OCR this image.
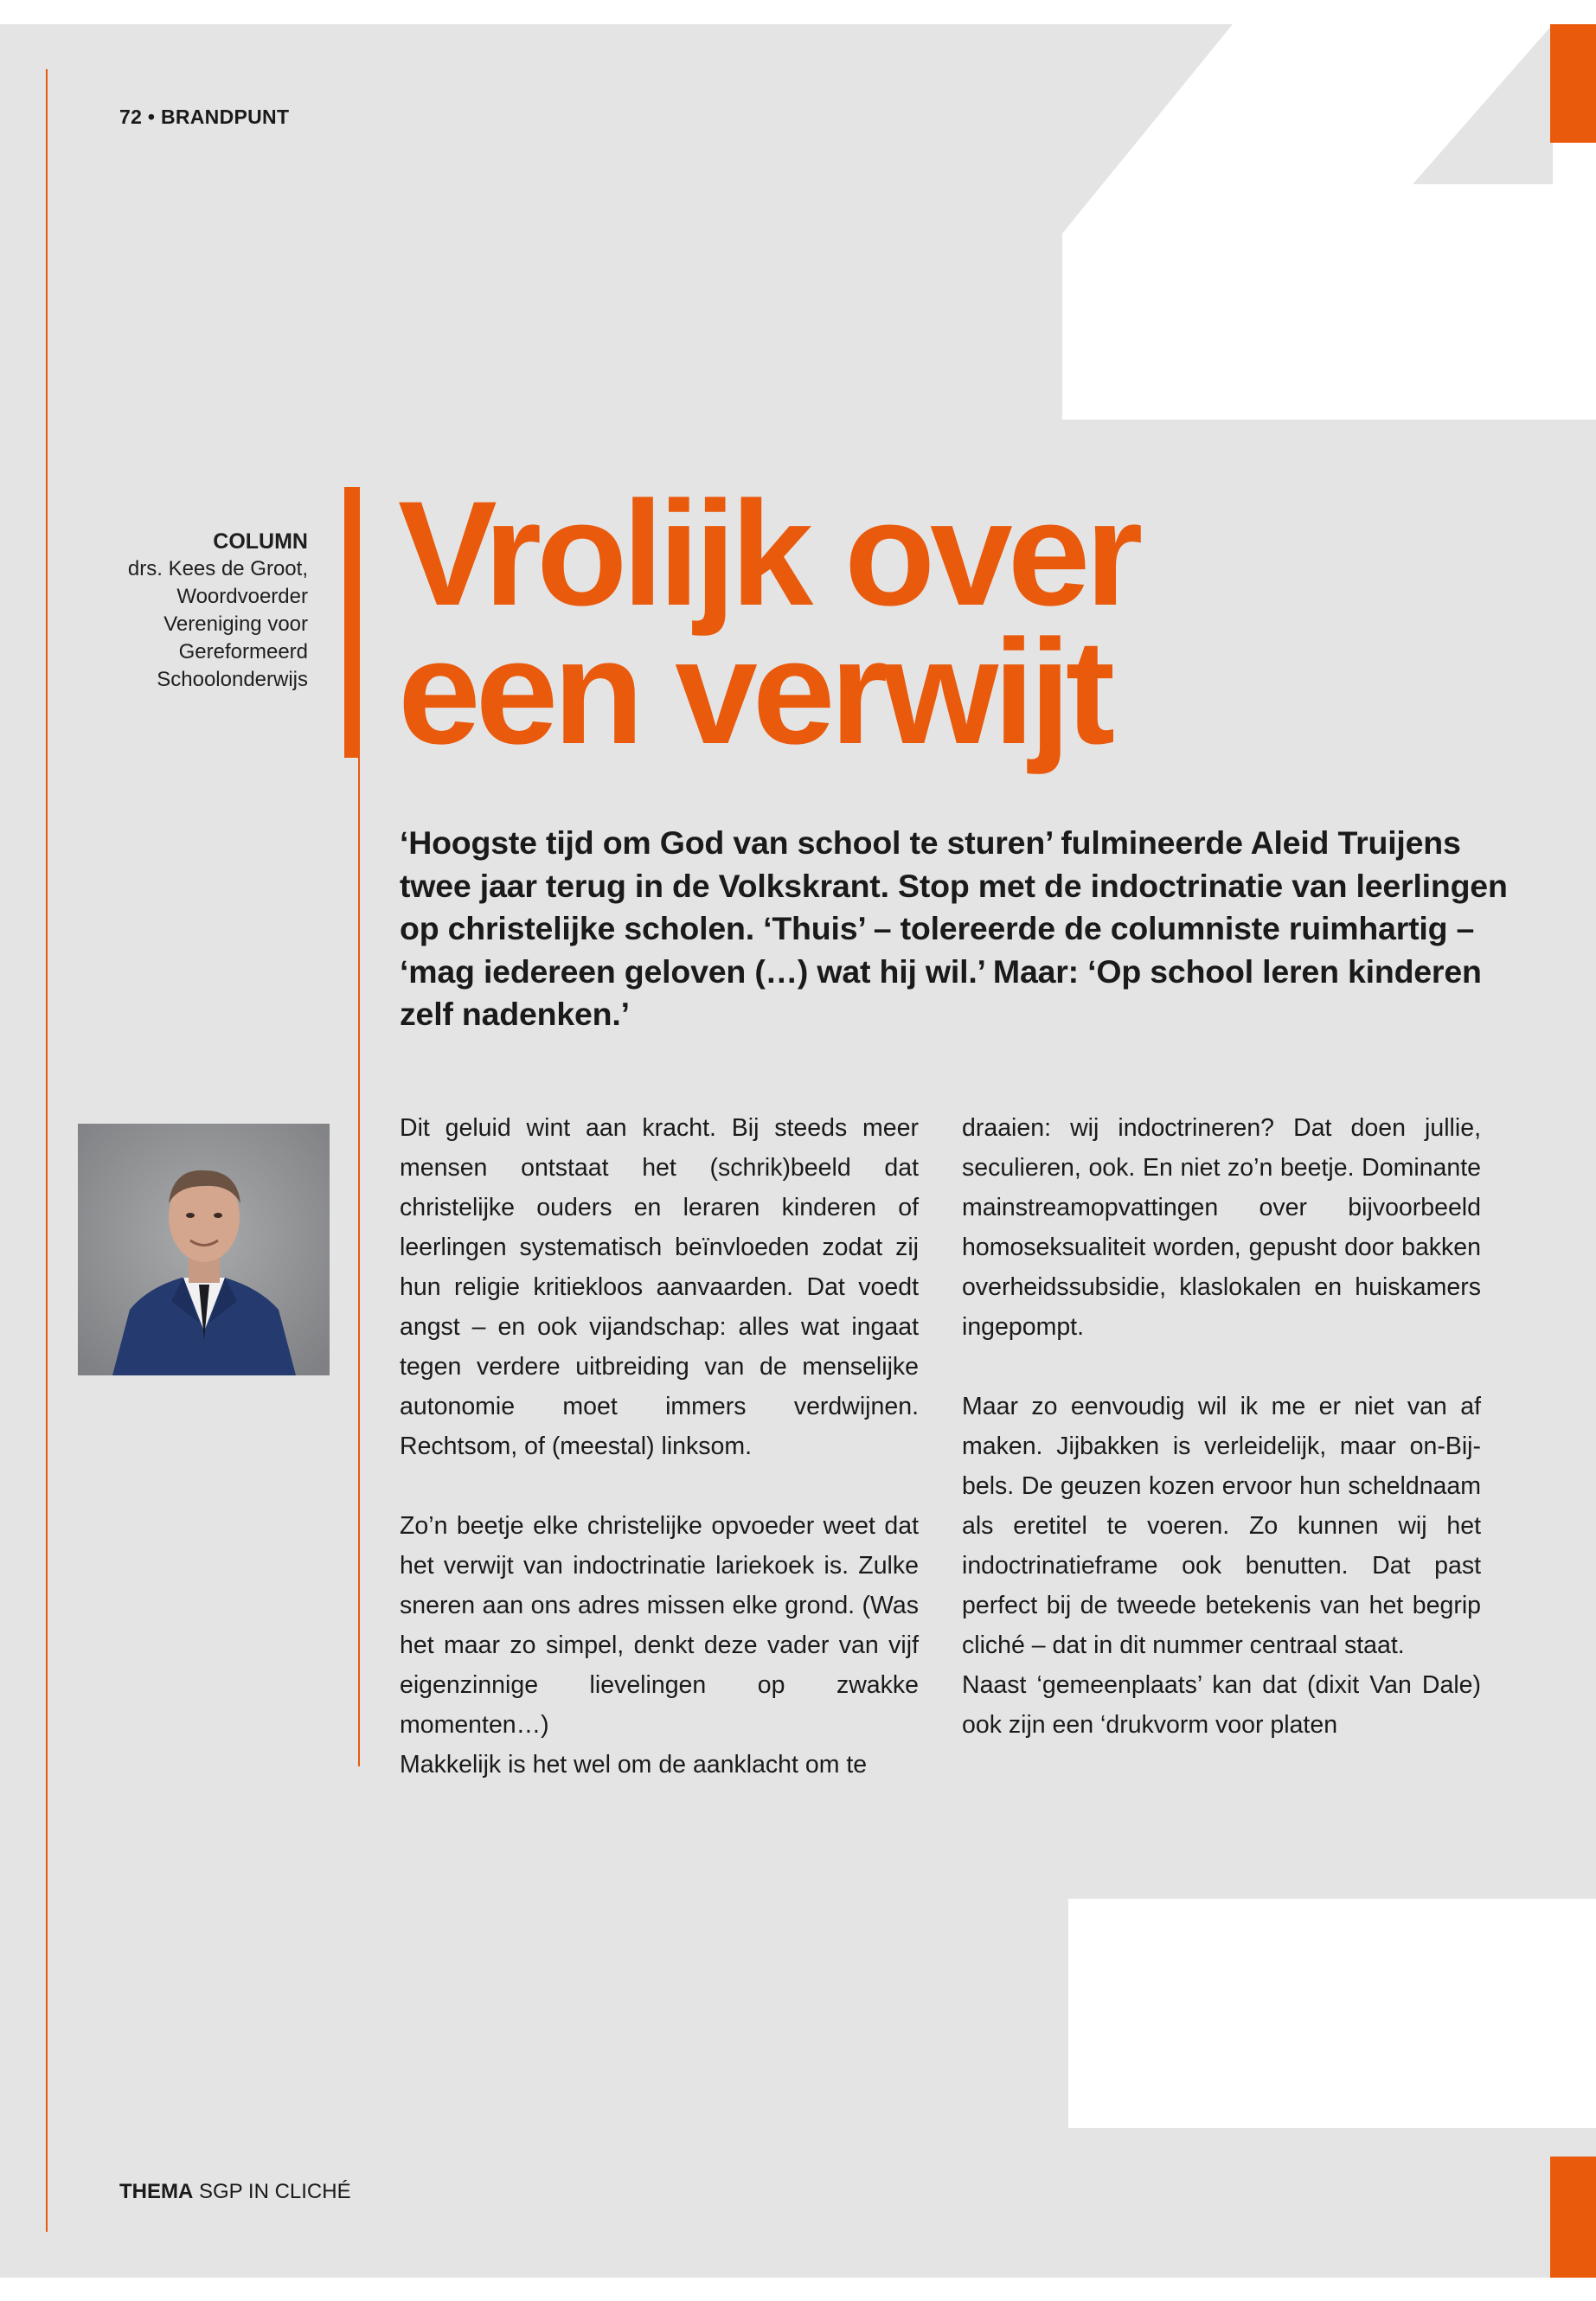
72 • BRANDPUNT
COLUMN
drs. Kees de Groot,
Woordvoerder
Vereniging voor
Gereformeerd
Schoolonderwijs
Vrolijk over
een verwijt

‘Hoogste tijd om God van school te sturen’ fulmineerde Aleid Truijens twee jaar terug in de Volkskrant. Stop met de indoctrinatie van leerlingen op christelijke scholen. ‘Thuis’ – tolereerde de columniste ruimhartig – ‘mag iedereen geloven (…) wat hij wil.’ Maar: ‘Op school leren kinderen zelf nadenken.’

Dit geluid wint aan kracht. Bij steeds meer mensen ontstaat het (schrik)beeld dat christelijke ouders en leraren kinderen of leerlingen systematisch beïnvloeden zodat zij hun religie kritiekloos aanvaarden. Dat voedt angst – en ook vijandschap: alles wat ingaat tegen verdere uitbreiding van de menselijke autonomie moet immers verdwijnen. Rechtsom, of (meestal) linksom.

Zo’n beetje elke christelijke opvoeder weet dat het verwijt van indoctrinatie lariekoek is. Zulke sneren aan ons adres missen elke grond. (Was het maar zo simpel, denkt deze vader van vijf eigenzinnige lievelingen op zwakke momenten…)

Makkelijk is het wel om de aanklacht om te

draaien: wij indoctrineren? Dat doen jullie, seculieren, ook. En niet zo’n beetje. Dominante mainstreamopvattingen over bijvoorbeeld homoseksualiteit worden, gepusht door bakken overheidssubsidie, klaslokalen en huiskamers ingepompt.

Maar zo eenvoudig wil ik me er niet van af maken. Jijbakken is verleidelijk, maar on-Bijbels. De geuzen kozen ervoor hun scheldnaam als eretitel te voeren. Zo kunnen wij het indoctrinatieframe ook benutten. Dat past perfect bij de tweede betekenis van het begrip cliché – dat in dit nummer centraal staat.

Naast ‘gemeenplaats’ kan dat (dixit Van Dale) ook zijn een ‘drukvorm voor platen

THEMA SGP IN CLICHÉ
